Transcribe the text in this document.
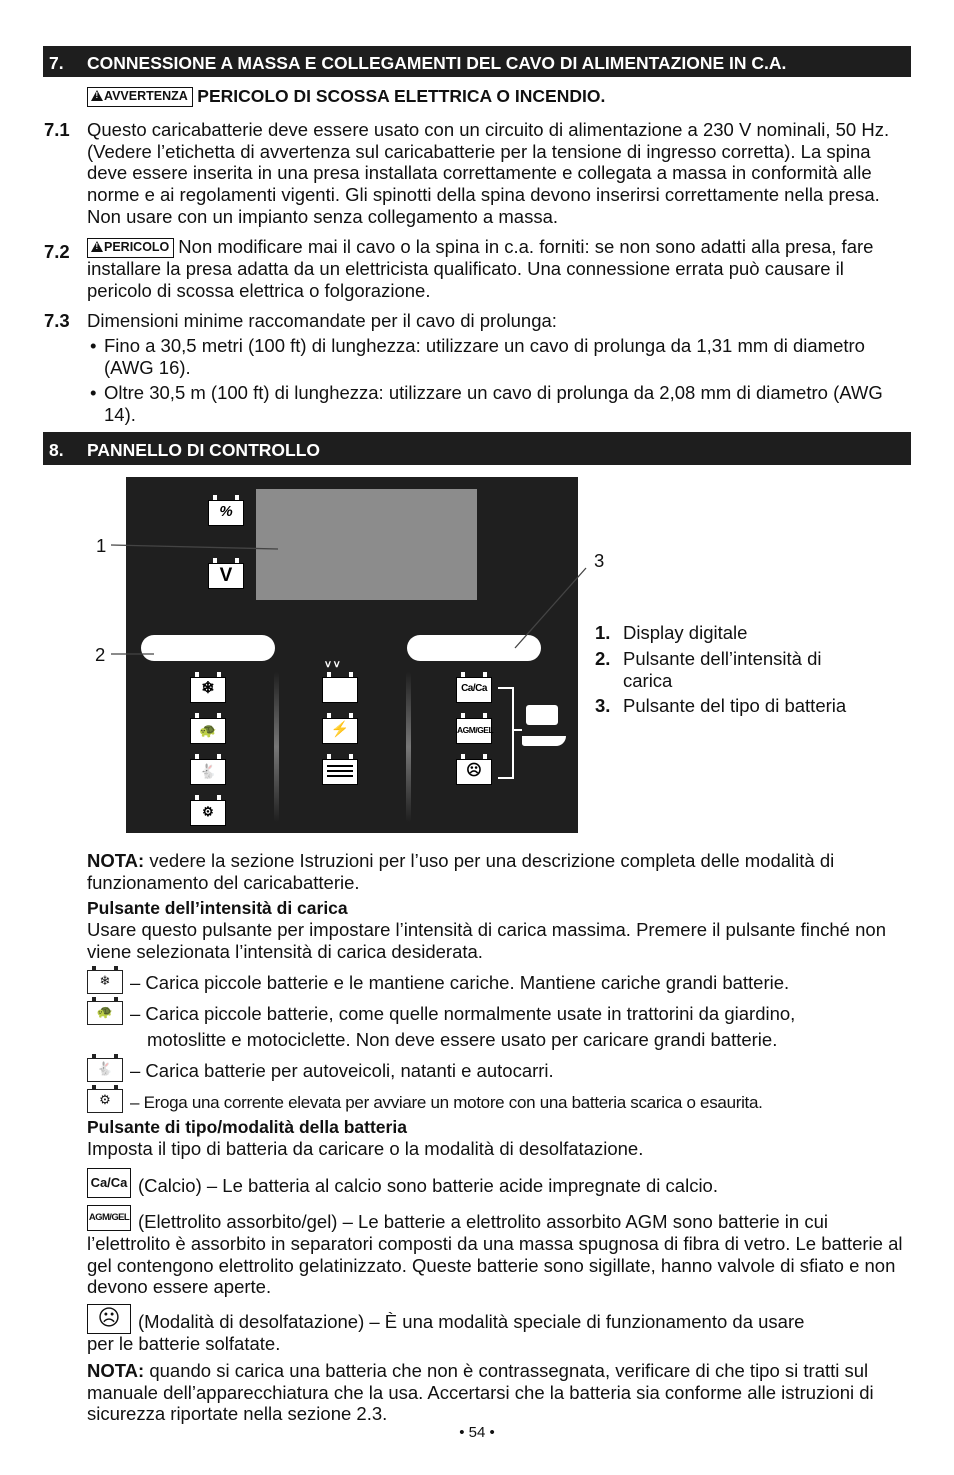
7. CONNESSIONE A MASSA E COLLEGAMENTI DEL CAVO DI ALIMENTAZIONE IN C.A.
! AVVERTENZA PERICOLO DI SCOSSA ELETTRICA O INCENDIO.
7.1 Questo caricabatterie deve essere usato con un circuito di alimentazione a 230 V nominali, 50 Hz. (Vedere l’etichetta di avvertenza sul caricabatterie per la tensione di ingresso corretta). La spina deve essere inserita in una presa installata correttamente e collegata a massa in conformità alle norme e ai regolamenti vigenti. Gli spinotti della spina devono inserirsi correttamente nella presa. Non usare con un impianto senza collegamento a massa.
7.2	! PERICOLO Non modificare mai il cavo o la spina in c.a. forniti: se non sono adatti alla presa, fare installare la presa adatta da un elettricista qualificato. Una connessione errata può causare il pericolo di scossa elettrica o folgorazione.
7.3 Dimensioni minime raccomandate per il cavo di prolunga:
• Fino a 30,5 metri (100 ft) di lunghezza: utilizzare un cavo di prolunga da 1,31 mm di diametro (AWG 16).
• Oltre 30,5 m (100 ft) di lunghezza: utilizzare un cavo di prolunga da 2,08 mm di diametro (AWG 14).
8. PANNELLO DI CONTROLLO
%
V
❄
🐢
🐇
⚙
ⅴ ⅴ
⚡
Ca/Ca
AGM/GEL
☹
1
2
3
1. Display digitale
2. Pulsante dell’intensità di carica
3. Pulsante del tipo di batteria
NOTA: vedere la sezione Istruzioni per l’uso per una descrizione completa delle modalità di funzionamento del caricabatterie.
Pulsante dell’intensità di carica
Usare questo pulsante per impostare l’intensità di carica massima. Premere il pulsante finché non viene selezionata l’intensità di carica desiderata.
❄	– Carica piccole batterie e le mantiene cariche. Mantiene cariche grandi batterie.
🐢 – Carica piccole batterie, come quelle normalmente usate in trattorini da giardino,
motoslitte e motociclette. Non deve essere usato per caricare grandi batterie.
🐇 – Carica batterie per autoveicoli, natanti e autocarri.
⚙	– Eroga una corrente elevata per avviare un motore con una batteria scarica o esaurita.
Pulsante di tipo/modalità della batteria
Imposta il tipo di batteria da caricare o la modalità di desolfatazione.
Ca/Ca (Calcio) – Le batteria al calcio sono batterie acide impregnate di calcio.
AGM/GEL (Elettrolito assorbito/gel) – Le batterie a elettrolito assorbito AGM sono batterie in cui
l’elettrolito è assorbito in separatori composti da una massa spugnosa di fibra di vetro. Le batterie al gel contengono elettrolito gelatinizzato. Queste batterie sono sigillate, hanno valvole di sfiato e non devono essere aperte.
☹ (Modalità di desolfatazione) – È una modalità speciale di funzionamento da usare
per le batterie solfatate.
NOTA: quando si carica una batteria che non è contrassegnata, verificare di che tipo si tratti sul manuale dell’apparecchiatura che la usa. Accertarsi che la batteria sia conforme alle istruzioni di sicurezza riportate nella sezione 2.3.
• 54 •
